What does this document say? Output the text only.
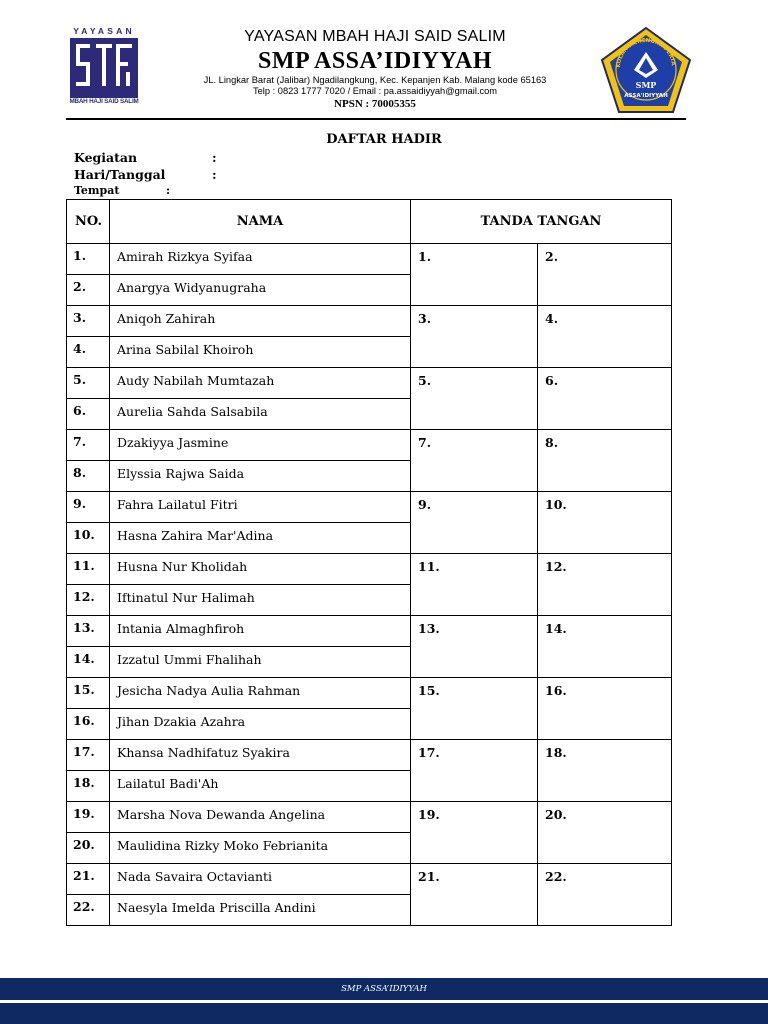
YAYASAN
MBAH HAJI SAID SALIM
YAYASAN MBAH HAJI SAID SALIM
SMP ASSA’IDIYYAH
JL. Lingkar Barat (Jalibar) Ngadilangkung, Kec. Kepanjen Kab. Malang kode 65163
Telp : 0823 1777 7020 / Email : pa.assaidiyyah@gmail.com
NPSN : 70005355
KOLAH MENENGAH PERTA
SMP
ASSA'IDIYYAH
DAFTAR HADIR
Kegiatan	:
Hari/Tanggal	:
Tempat	:
NO.	NAMA	TANDA TANGAN	
1.	Amirah Rizkya Syifaa	1.	2.
2.	Anargya Widyanugraha		
3.	Aniqoh Zahirah	3.	4.
4.	Arina Sabilal Khoiroh		
5.	Audy Nabilah Mumtazah	5.	6.
6.	Aurelia Sahda Salsabila		
7.	Dzakiyya Jasmine	7.	8.
8.	Elyssia Rajwa Saida		
9.	Fahra Lailatul Fitri	9.	10.
10.	Hasna Zahira Mar'Adina		
11.	Husna Nur Kholidah	11.	12.
12.	Iftinatul Nur Halimah		
13.	Intania Almaghfiroh	13.	14.
14.	Izzatul Ummi Fhalihah		
15.	Jesicha Nadya Aulia Rahman	15.	16.
16.	Jihan Dzakia Azahra		
17.	Khansa Nadhifatuz Syakira	17.	18.
18.	Lailatul Badi'Ah		
19.	Marsha Nova Dewanda Angelina	19.	20.
20.	Maulidina Rizky Moko Febrianita		
21.	Nada Savaira Octavianti	21.	22.
22.	Naesyla Imelda Priscilla Andini		
SMP ASSA’IDIYYAH
